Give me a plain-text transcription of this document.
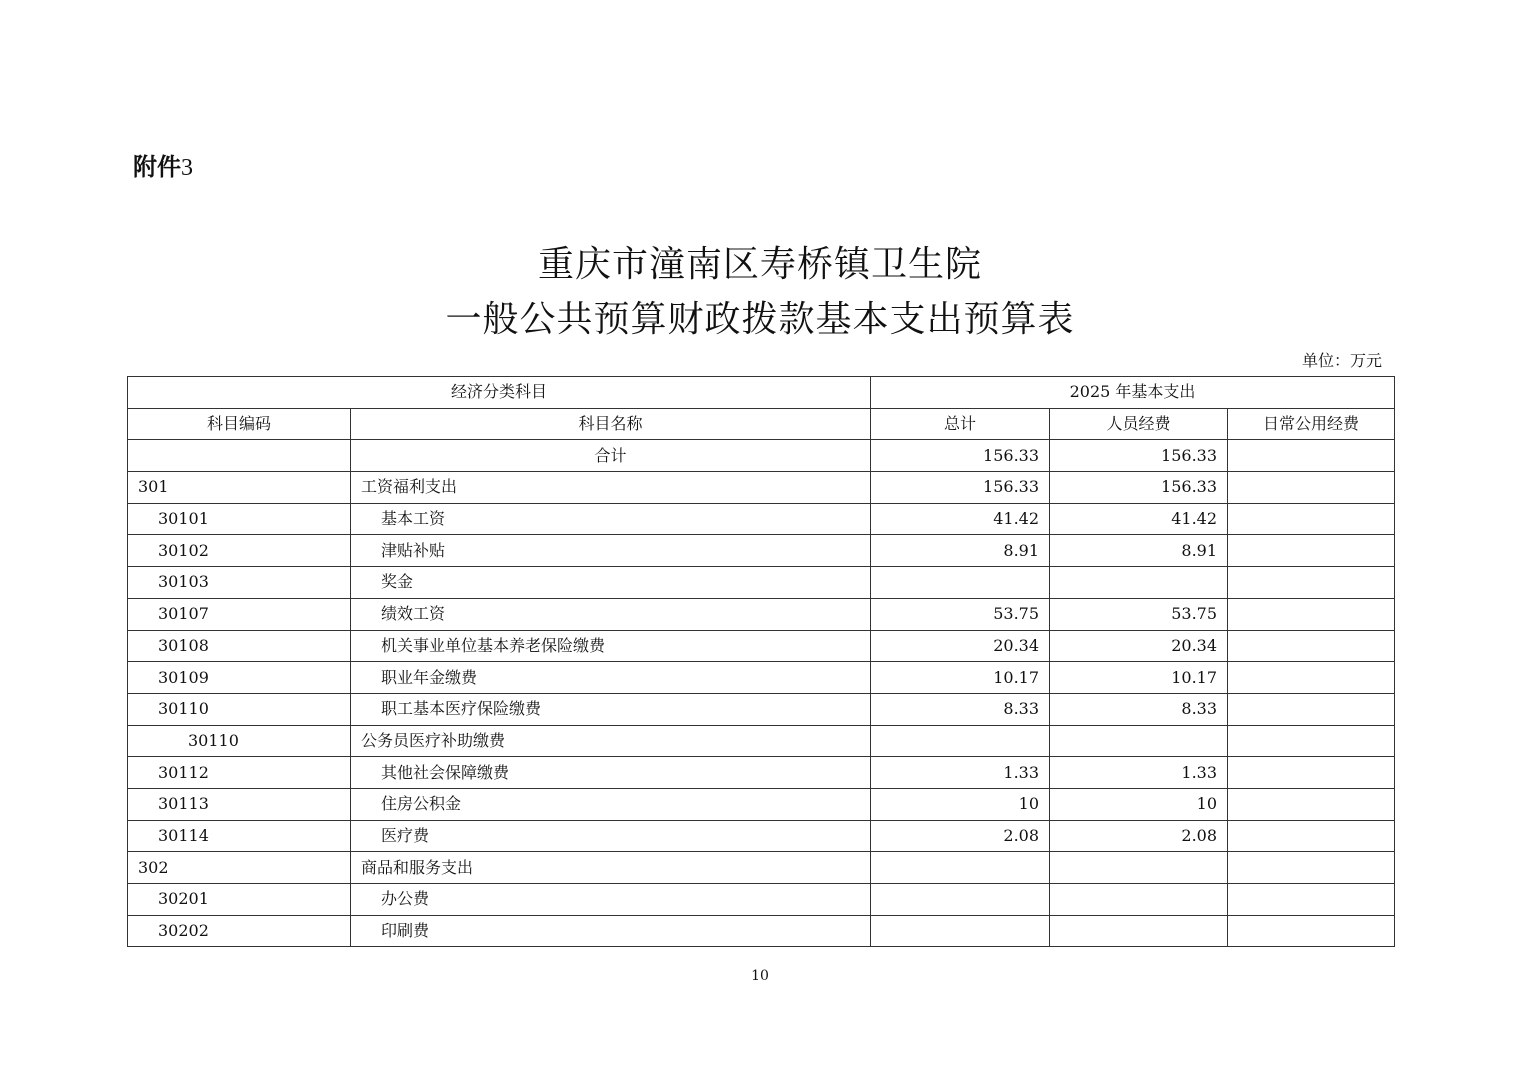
附件3
重庆市潼南区寿桥镇卫生院
一般公共预算财政拨款基本支出预算表
单位：万元
经济分类科目		2025 年基本支出		
科目编码	科目名称	总计	人员经费	日常公用经费
	合计	156.33	156.33	
301	工资福利支出	156.33	156.33	
30101	基本工资	41.42	41.42	
30102	津贴补贴	8.91	8.91	
30103	奖金			
30107	绩效工资	53.75	53.75	
30108	机关事业单位基本养老保险缴费	20.34	20.34	
30109	职业年金缴费	10.17	10.17	
30110	职工基本医疗保险缴费	8.33	8.33	
30110	公务员医疗补助缴费			
30112	其他社会保障缴费	1.33	1.33	
30113	住房公积金	10	10	
30114	医疗费	2.08	2.08	
302	商品和服务支出			
30201	办公费			
30202	印刷费			
10
